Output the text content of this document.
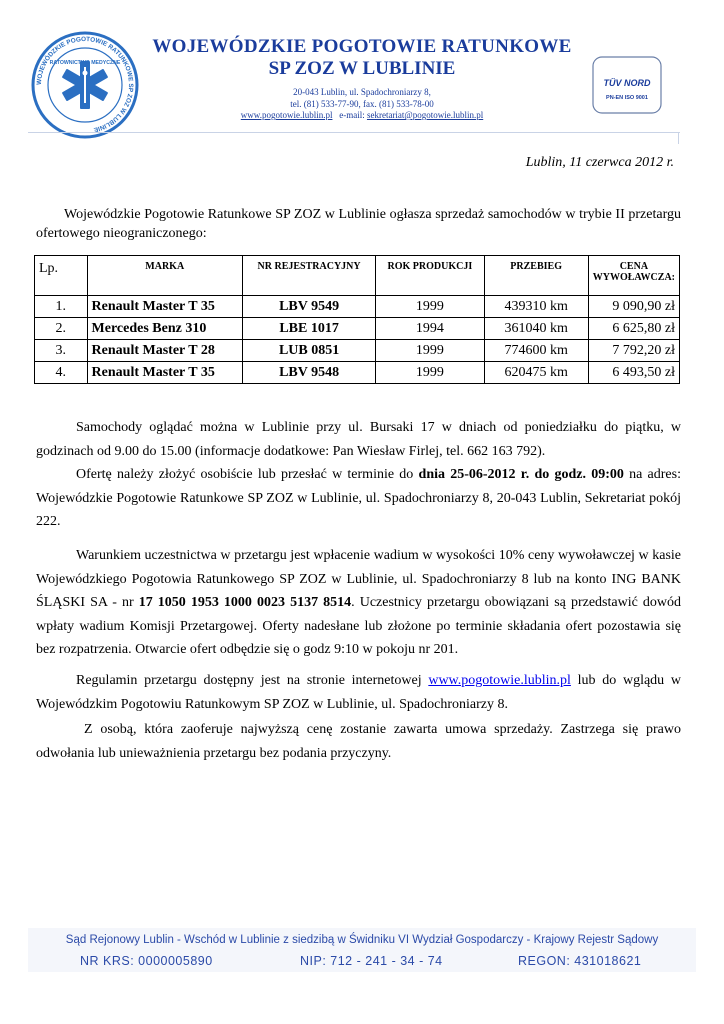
WOJEWÓDZKIE POGOTOWIE RATUNKOWE SP ZOZ W LUBLINIE
RATOWNICTWO MEDYCZNE
WOJEWÓDZKIE POGOTOWIE RATUNKOWE
SP ZOZ W LUBLINIE
20-043 Lublin, ul. Spadochroniarzy 8,
tel. (81) 533-77-90, fax. (81) 533-78-00
www.pogotowie.lublin.pl e-mail: sekretariat@pogotowie.lublin.pl
TÜV NORD
PN-EN ISO 9001
Lublin, 11 czerwca 2012 r.
Wojewódzkie Pogotowie Ratunkowe SP ZOZ w Lublinie ogłasza sprzedaż samochodów w trybie II przetargu ofertowego nieograniczonego:
Lp.	MARKA	NR REJESTRACYJNY	ROK PRODUKCJI	PRZEBIEG	CENA WYWOŁAWCZA:
1.	Renault Master T 35	LBV 9549	1999	439310 km	9 090,90 zł
2.	Mercedes Benz 310	LBE 1017	1994	361040 km	6 625,80 zł
3.	Renault Master T 28	LUB 0851	1999	774600 km	7 792,20 zł
4.	Renault Master T 35	LBV 9548	1999	620475 km	6 493,50 zł
Samochody oglądać można w Lublinie przy ul. Bursaki 17 w dniach od poniedziałku do piątku, w godzinach od 9.00 do 15.00 (informacje dodatkowe: Pan Wiesław Firlej, tel. 662 163 792).
Ofertę należy złożyć osobiście lub przesłać w terminie do dnia 25-06-2012 r. do godz. 09:00 na adres: Wojewódzkie Pogotowie Ratunkowe SP ZOZ w Lublinie, ul. Spadochroniarzy 8, 20-043 Lublin, Sekretariat pokój 222.
Warunkiem uczestnictwa w przetargu jest wpłacenie wadium w wysokości 10% ceny wywoławczej w kasie Wojewódzkiego Pogotowia Ratunkowego SP ZOZ w Lublinie, ul. Spadochroniarzy 8 lub na konto ING BANK ŚLĄSKI SA - nr 17 1050 1953 1000 0023 5137 8514. Uczestnicy przetargu obowiązani są przedstawić dowód wpłaty wadium Komisji Przetargowej. Oferty nadesłane lub złożone po terminie składania ofert pozostawia się bez rozpatrzenia. Otwarcie ofert odbędzie się o godz 9:10 w pokoju nr 201.
Regulamin przetargu dostępny jest na stronie internetowej www.pogotowie.lublin.pl lub do wglądu w Wojewódzkim Pogotowiu Ratunkowym SP ZOZ w Lublinie, ul. Spadochroniarzy 8.
Z osobą, która zaoferuje najwyższą cenę zostanie zawarta umowa sprzedaży. Zastrzega się prawo odwołania lub unieważnienia przetargu bez podania przyczyny.
Sąd Rejonowy Lublin - Wschód w Lublinie z siedzibą w Świdniku VI Wydział Gospodarczy - Krajowy Rejestr Sądowy
NR KRS: 0000005890	NIP: 712 - 241 - 34 - 74	REGON: 431018621
